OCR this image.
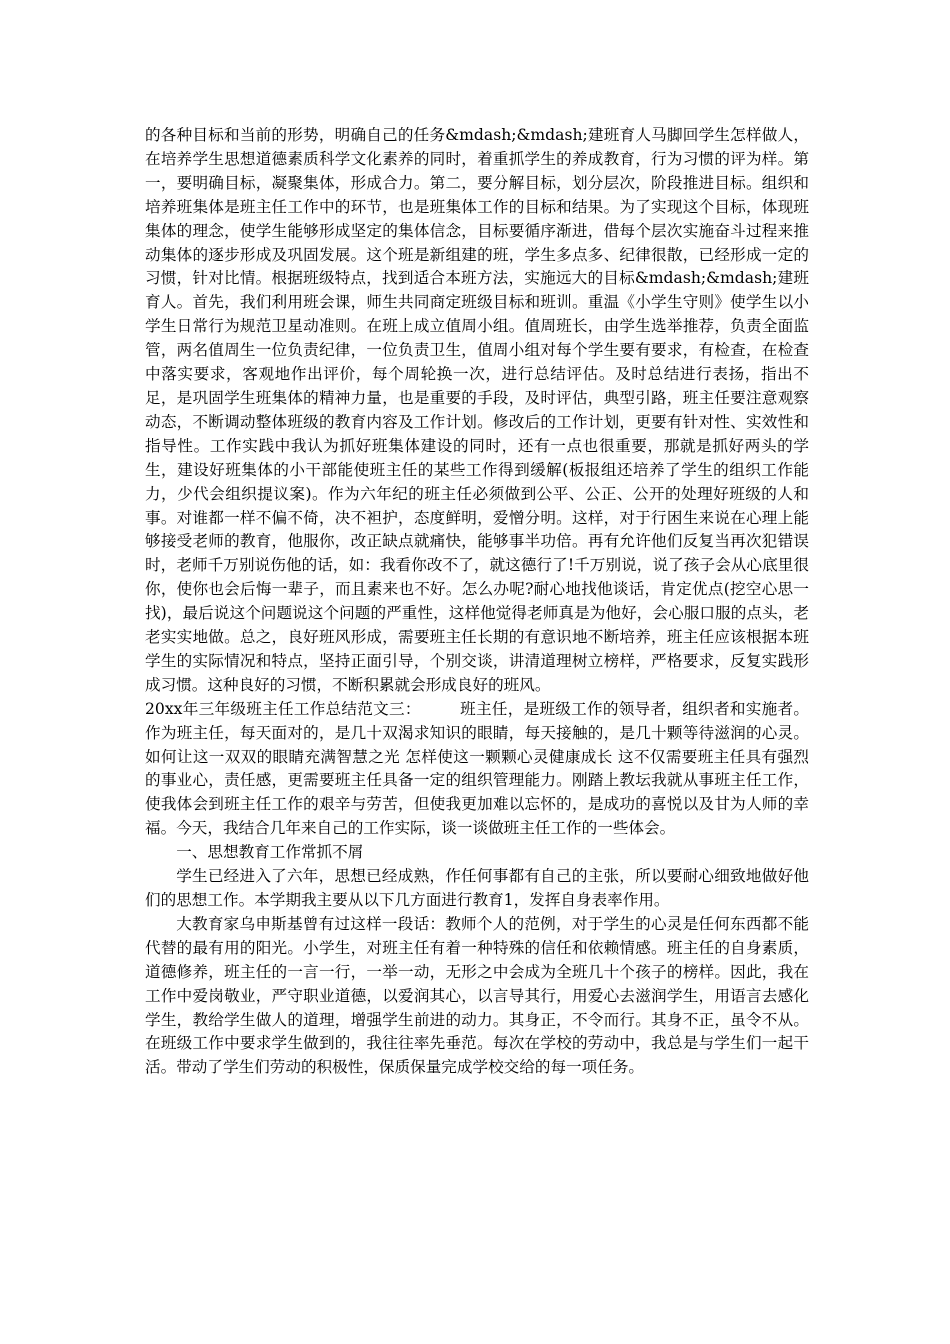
的各种目标和当前的形势，明确自己的任务&mdash;&mdash;建班育人马脚回学生怎样做人，在培养学生思想道德素质科学文化素养的同时，着重抓学生的养成教育，行为习惯的评为样。第一，要明确目标，凝聚集体，形成合力。第二，要分解目标，划分层次，阶段推进目标。组织和培养班集体是班主任工作中的环节，也是班集体工作的目标和结果。为了实现这个目标，体现班集体的理念，使学生能够形成坚定的集体信念，目标要循序渐进，借每个层次实施奋斗过程来推动集体的逐步形成及巩固发展。这个班是新组建的班，学生多点多、纪律很散，已经形成一定的习惯，针对比情。根据班级特点，找到适合本班方法，实施远大的目标&mdash;&mdash;建班育人。首先，我们利用班会课，师生共同商定班级目标和班训。重温《小学生守则》使学生以小学生日常行为规范卫星动准则。在班上成立值周小组。值周班长，由学生选举推荐，负责全面监管，两名值周生一位负责纪律，一位负责卫生，值周小组对每个学生要有要求，有检查，在检查中落实要求，客观地作出评价，每个周轮换一次，进行总结评估。及时总结进行表扬，指出不足，是巩固学生班集体的精神力量，也是重要的手段，及时评估，典型引路，班主任要注意观察动态，不断调动整体班级的教育内容及工作计划。修改后的工作计划，更要有针对性、实效性和指导性。工作实践中我认为抓好班集体建设的同时，还有一点也很重要，那就是抓好两头的学生，建设好班集体的小干部能使班主任的某些工作得到缓解(板报组还培养了学生的组织工作能力，少代会组织提议案)。作为六年纪的班主任必须做到公平、公正、公开的处理好班级的人和事。对谁都一样不偏不倚，决不袒护，态度鲜明，爱憎分明。这样，对于行困生来说在心理上能够接受老师的教育，他服你，改正缺点就痛快，能够事半功倍。再有允许他们反复当再次犯错误时，老师千万别说伤他的话，如：我看你改不了，就这德行了!千万别说，说了孩子会从心底里很你，使你也会后悔一辈子，而且素来也不好。怎么办呢?耐心地找他谈话，肯定优点(挖空心思一找)，最后说这个问题说这个问题的严重性，这样他觉得老师真是为他好，会心服口服的点头，老老实实地做。总之，良好班风形成，需要班主任长期的有意识地不断培养，班主任应该根据本班学生的实际情况和特点，坚持正面引导，个别交谈，讲清道理树立榜样，严格要求，反复实践形成习惯。这种良好的习惯，不断积累就会形成良好的班风。

20xx年三年级班主任工作总结范文三：    班主任，是班级工作的领导者，组织者和实施者。作为班主任，每天面对的，是几十双渴求知识的眼睛，每天接触的，是几十颗等待滋润的心灵。如何让这一双双的眼睛充满智慧之光 怎样使这一颗颗心灵健康成长 这不仅需要班主任具有强烈的事业心，责任感，更需要班主任具备一定的组织管理能力。刚踏上教坛我就从事班主任工作，使我体会到班主任工作的艰辛与劳苦，但使我更加难以忘怀的，是成功的喜悦以及甘为人师的幸福。今天，我结合几年来自己的工作实际，谈一谈做班主任工作的一些体会。

一、思想教育工作常抓不屑

学生已经进入了六年，思想已经成熟，作任何事都有自己的主张，所以要耐心细致地做好他们的思想工作。本学期我主要从以下几方面进行教育1，发挥自身表率作用。

大教育家乌申斯基曾有过这样一段话：教师个人的范例，对于学生的心灵是任何东西都不能代替的最有用的阳光。小学生，对班主任有着一种特殊的信任和依赖情感。班主任的自身素质，道德修养，班主任的一言一行，一举一动，无形之中会成为全班几十个孩子的榜样。因此，我在工作中爱岗敬业，严守职业道德，以爱润其心，以言导其行，用爱心去滋润学生，用语言去感化学生，教给学生做人的道理，增强学生前进的动力。其身正，不令而行。其身不正，虽令不从。在班级工作中要求学生做到的，我往往率先垂范。每次在学校的劳动中，我总是与学生们一起干活。带动了学生们劳动的积极性，保质保量完成学校交给的每一项任务。
